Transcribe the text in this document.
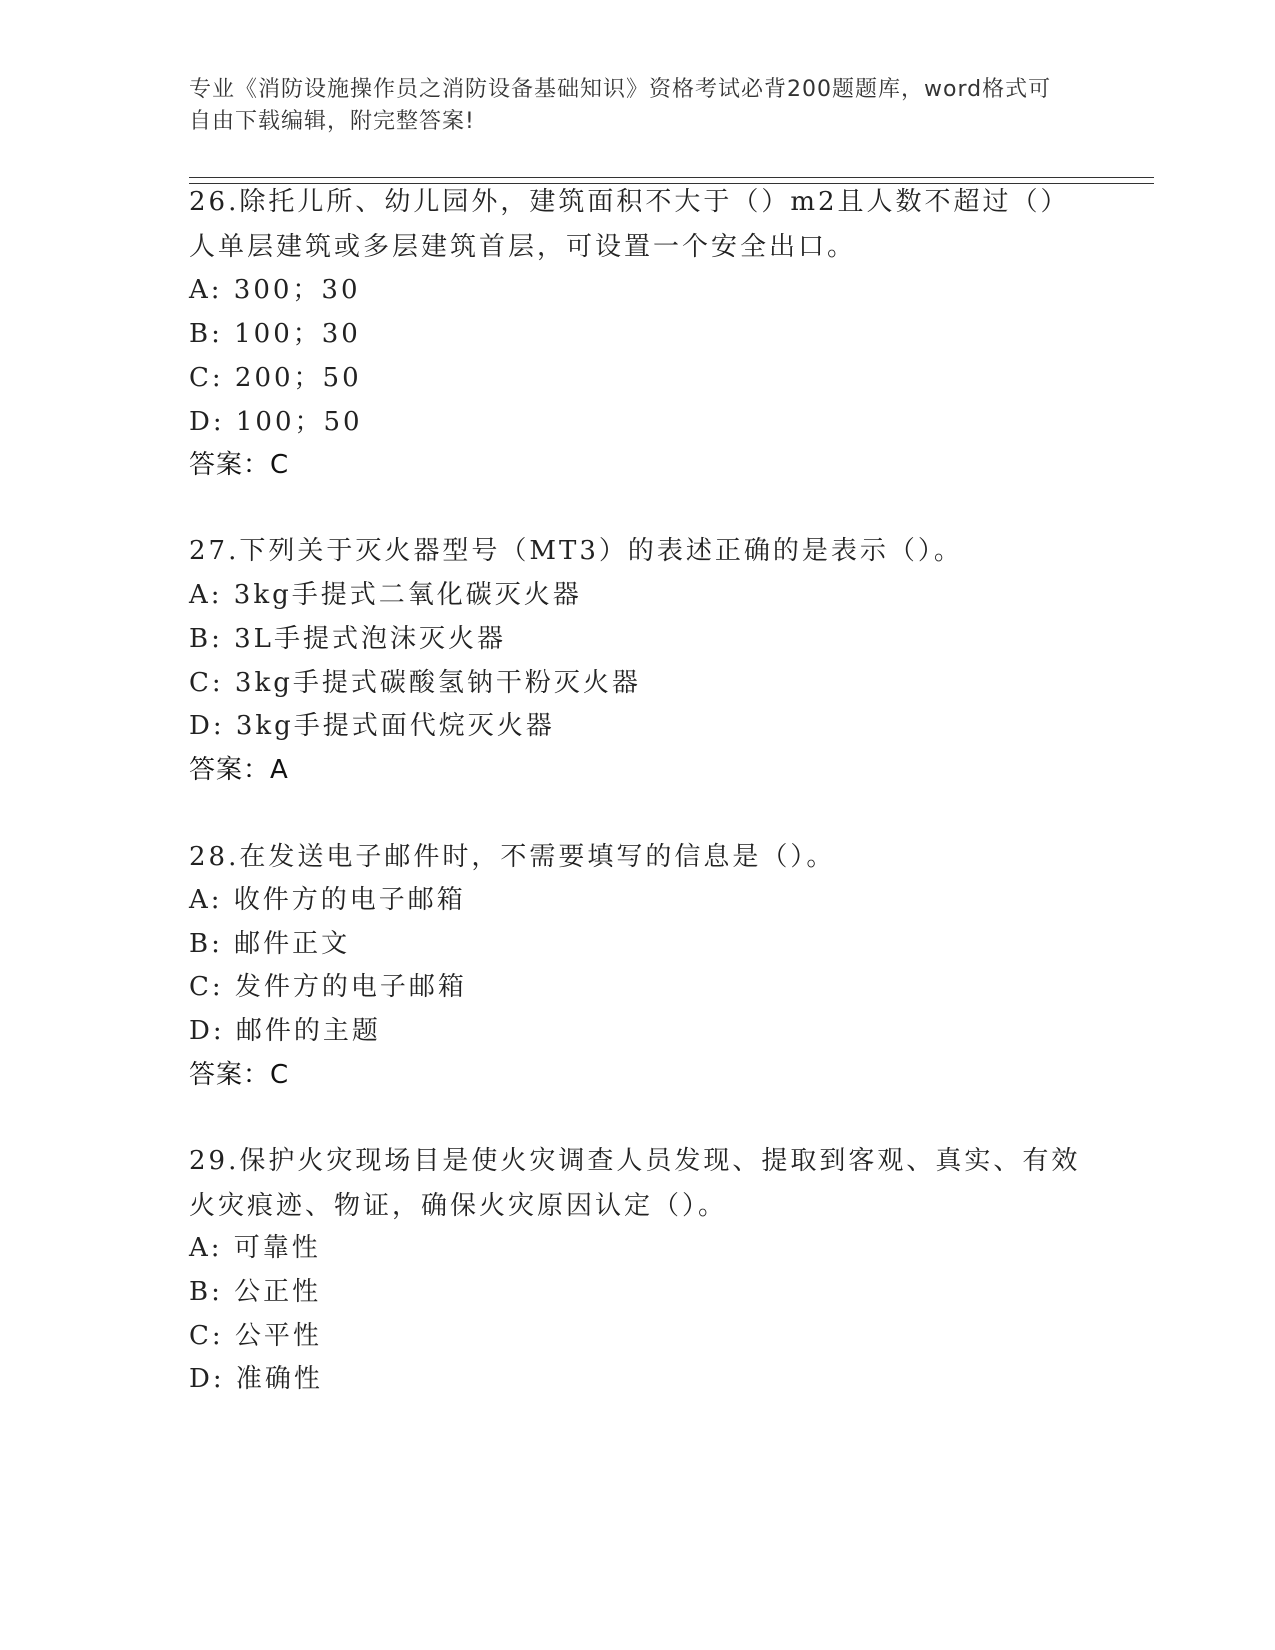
专业《消防设施操作员之消防设备基础知识》资格考试必背200题题库，word格式可自由下载编辑，附完整答案!
26.除托儿所、幼儿园外，建筑面积不大于（）m2且人数不超过（）人单层建筑或多层建筑首层，可设置一个安全出口。
A: 300；30
B: 100；30
C: 200；50
D: 100；50
答案：C
27.下列关于灭火器型号（MT3）的表述正确的是表示（）。
A: 3kg手提式二氧化碳灭火器
B: 3L手提式泡沫灭火器
C: 3kg手提式碳酸氢钠干粉灭火器
D: 3kg手提式面代烷灭火器
答案：A
28.在发送电子邮件时，不需要填写的信息是（）。
A: 收件方的电子邮箱
B: 邮件正文
C: 发件方的电子邮箱
D: 邮件的主题
答案：C
29.保护火灾现场目是使火灾调查人员发现、提取到客观、真实、有效火灾痕迹、物证，确保火灾原因认定（）。
A: 可靠性
B: 公正性
C: 公平性
D: 准确性
